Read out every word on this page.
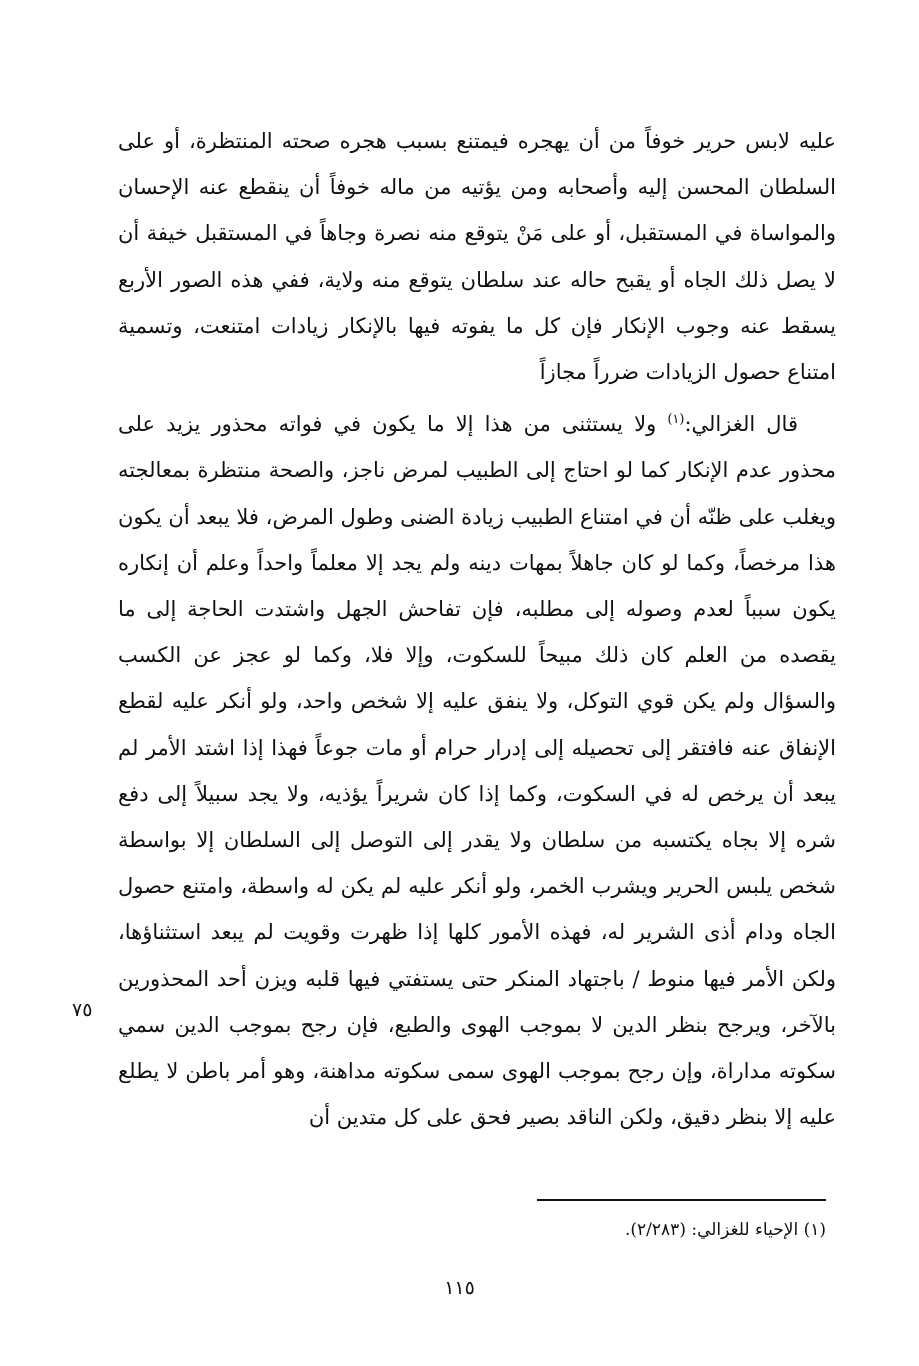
عليه لابس حرير خوفاً من أن يهجره فيمتنع بسبب هجره صحته المنتظرة، أو على السلطان المحسن إليه وأصحابه ومن يؤتيه من ماله خوفاً أن ينقطع عنه الإحسان والمواساة في المستقبل، أو على مَنْ يتوقع منه نصرة وجاهاً في المستقبل خيفة أن لا يصل ذلك الجاه أو يقبح حاله عند سلطان يتوقع منه ولاية، ففي هذه الصور الأربع يسقط عنه وجوب الإنكار فإن كل ما يفوته فيها بالإنكار زيادات امتنعت، وتسمية امتناع حصول الزيادات ضرراً مجازاً

قال الغزالي:$^{(١)}$ ولا يستثنى من هذا إلا ما يكون في فواته محذور يزيد على محذور عدم الإنكار كما لو احتاج إلى الطبيب لمرض ناجز، والصحة منتظرة بمعالجته ويغلب على ظنّه أن في امتناع الطبيب زيادة الضنى وطول المرض، فلا يبعد أن يكون هذا مرخصاً، وكما لو كان جاهلاً بمهات دينه ولم يجد إلا معلماً واحداً وعلم أن إنكاره يكون سبباً لعدم وصوله إلى مطلبه، فإن تفاحش الجهل واشتدت الحاجة إلى ما يقصده من العلم كان ذلك مبيحاً للسكوت، وإلا فلا، وكما لو عجز عن الكسب والسؤال ولم يكن قوي التوكل، ولا ينفق عليه إلا شخص واحد، ولو أنكر عليه لقطع الإنفاق عنه فافتقر إلى تحصيله إلى إدرار حرام أو مات جوعاً فهذا إذا اشتد الأمر لم يبعد أن يرخص له في السكوت، وكما إذا كان شريراً يؤذيه، ولا يجد سبيلاً إلى دفع شره إلا بجاه يكتسبه من سلطان ولا يقدر إلى التوصل إلى السلطان إلا بواسطة شخص يلبس الحرير ويشرب الخمر، ولو أنكر عليه لم يكن له واسطة، وامتنع حصول الجاه ودام أذى الشرير له، فهذه الأمور كلها إذا ظهرت وقويت لم يبعد استثناؤها، ولكن الأمر فيها منوط / باجتهاد المنكر حتى يستفتي فيها قلبه ويزن أحد المحذورين بالآخر، ويرجح بنظر الدين لا بموجب الهوى والطبع، فإن رجح بموجب الدين سمي سكوته مداراة، وإن رجح بموجب الهوى سمى سكوته مداهنة، وهو أمر باطن لا يطلع عليه إلا بنظر دقيق، ولكن الناقد بصير فحق على كل متدين أن

٧٥
(١) الإحياء للغزالي: (٢/٢٨٣).
١١٥
